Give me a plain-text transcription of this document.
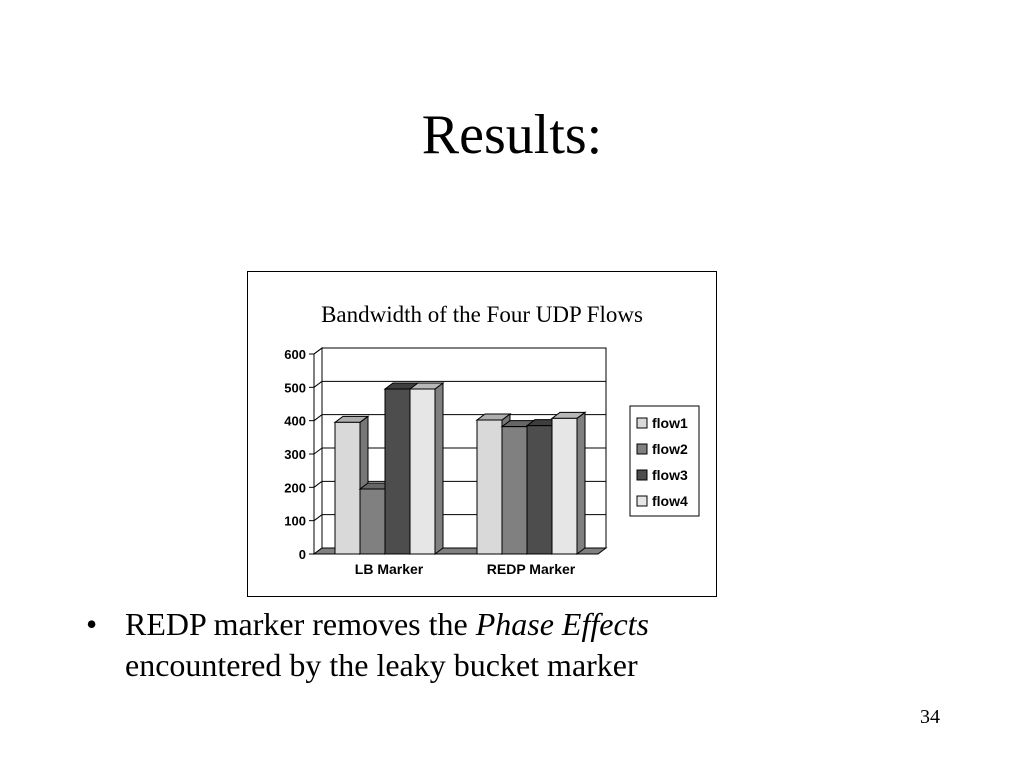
Results:
Bandwidth of the Four UDP Flows
0
100
200
300
400
500
600
LB Marker	REDP Marker
flow1
flow2
flow3
flow4
• REDP marker removes the Phase Effects
encountered by the leaky bucket marker
34
